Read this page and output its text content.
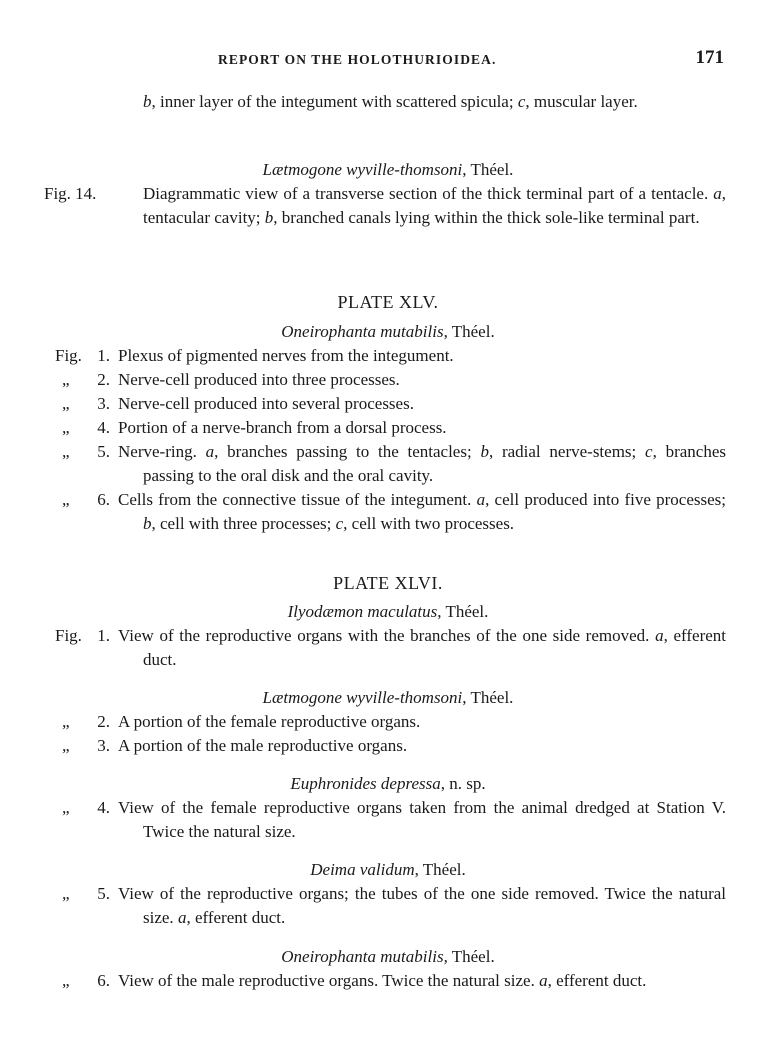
REPORT ON THE HOLOTHURIOIDEA.	171
b, inner layer of the integument with scattered spicula; c, muscular layer.
Lætmogone wyville-thomsoni, Théel.
Fig. 14.	Diagrammatic view of a transverse section of the thick terminal part of a tentacle. a, tentacular cavity; b, branched canals lying within the thick sole-like terminal part.
PLATE XLV.
Oneirophanta mutabilis, Théel.
Fig. 1. Plexus of pigmented nerves from the integument.
„	2. Nerve-cell produced into three processes.
„	3. Nerve-cell produced into several processes.
„	4. Portion of a nerve-branch from a dorsal process.
„	5. Nerve-ring. a, branches passing to the tentacles; b, radial nerve-stems; c, branches passing to the oral disk and the oral cavity.
„	6. Cells from the connective tissue of the integument. a, cell produced into five processes; b, cell with three processes; c, cell with two processes.
PLATE XLVI.
Ilyodæmon maculatus, Théel.
Fig. 1. View of the reproductive organs with the branches of the one side removed. a, efferent duct.
Lætmogone wyville-thomsoni, Théel.
„	2. A portion of the female reproductive organs.
„	3. A portion of the male reproductive organs.
Euphronides depressa, n. sp.
„	4. View of the female reproductive organs taken from the animal dredged at Station V. Twice the natural size.
Deima validum, Théel.
„	5. View of the reproductive organs; the tubes of the one side removed. Twice the natural size. a, efferent duct.
Oneirophanta mutabilis, Théel.
„	6. View of the male reproductive organs. Twice the natural size. a, efferent duct.
